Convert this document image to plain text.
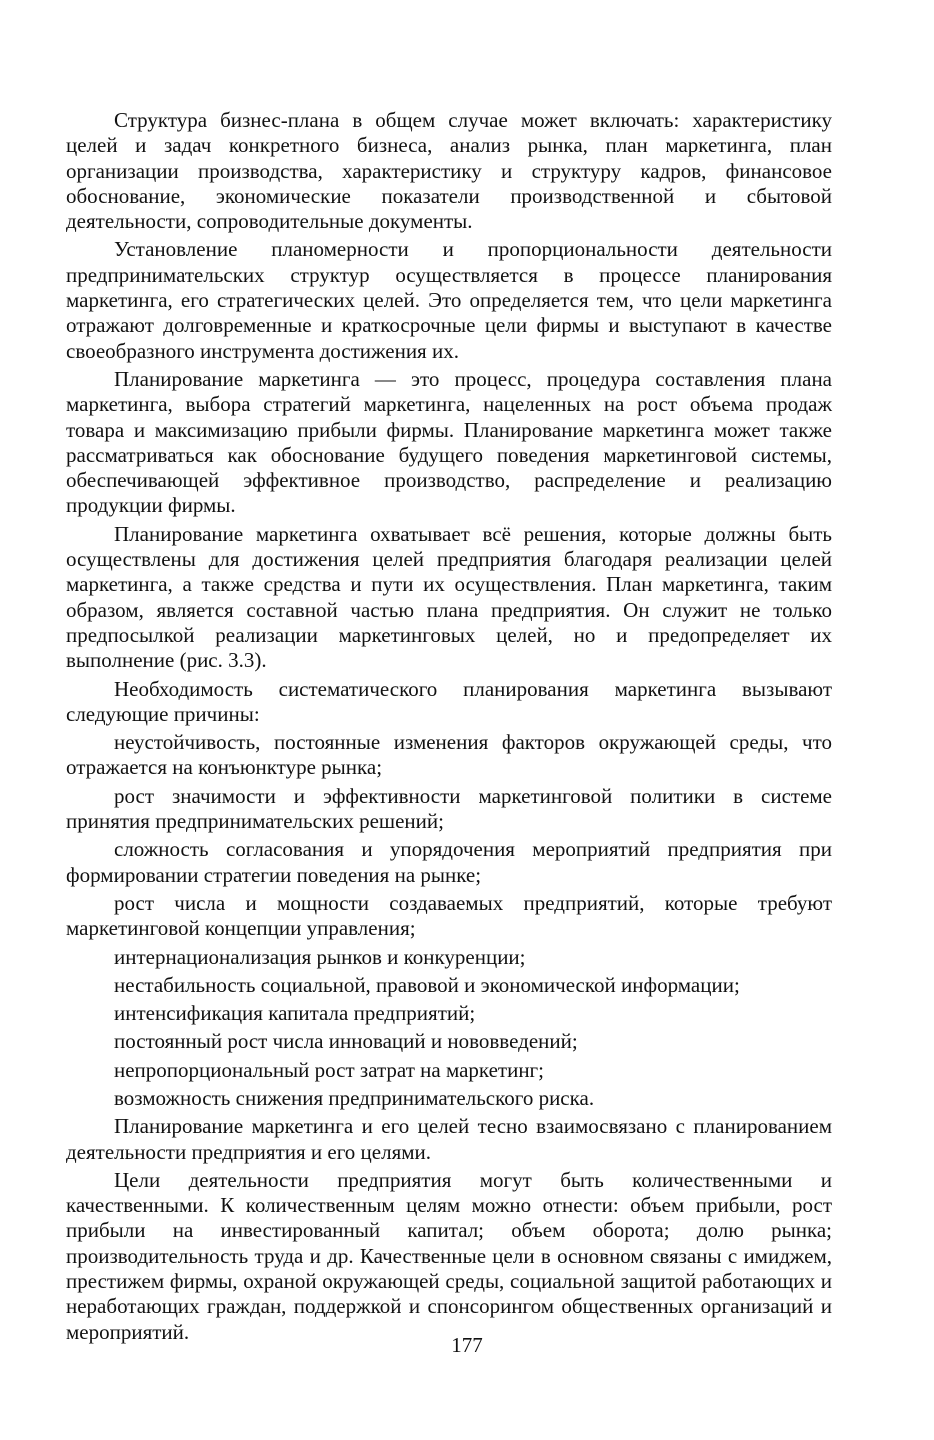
Структура бизнес-плана в общем случае может включать: характеристику целей и задач конкретного бизнеса, анализ рынка, план маркетинга, план организации производства, характеристику и структуру кадров, финансовое обоснование, экономические показатели производственной и сбытовой деятельности, сопроводительные документы.

Установление планомерности и пропорциональности деятельности предпринимательских структур осуществляется в процессе планирования маркетинга, его стратегических целей. Это определяется тем, что цели маркетинга отражают долговременные и краткосрочные цели фирмы и выступают в качестве своеобразного инструмента достижения их.

Планирование маркетинга — это процесс, процедура составления плана маркетинга, выбора стратегий маркетинга, нацеленных на рост объема продаж товара и максимизацию прибыли фирмы. Планирование маркетинга может также рассматриваться как обоснование будущего поведения маркетинговой системы, обеспечивающей эффективное производство, распределение и реализацию продукции фирмы.

Планирование маркетинга охватывает всё решения, которые должны быть осуществлены для достижения целей предприятия благодаря реализации целей маркетинга, а также средства и пути их осуществления. План маркетинга, таким образом, является составной частью плана предприятия. Он служит не только предпосылкой реализации маркетинговых целей, но и предопределяет их выполнение (рис. 3.3).

Необходимость систематического планирования маркетинга вызывают следующие причины:

неустойчивость, постоянные изменения факторов окружающей среды, что отражается на конъюнктуре рынка;

рост значимости и эффективности маркетинговой политики в системе принятия предпринимательских решений;

сложность согласования и упорядочения мероприятий предприятия при формировании стратегии поведения на рынке;

рост числа и мощности создаваемых предприятий, которые требуют маркетинговой концепции управления;

интернационализация рынков и конкуренции;

нестабильность социальной, правовой и экономической информации;

интенсификация капитала предприятий;

постоянный рост числа инноваций и нововведений;

непропорциональный рост затрат на маркетинг;

возможность снижения предпринимательского риска.

Планирование маркетинга и его целей тесно взаимосвязано с планированием деятельности предприятия и его целями.

Цели деятельности предприятия могут быть количественными и качественными. К количественным целям можно отнести: объем прибыли, рост прибыли на инвестированный капитал; объем оборота; долю рынка; производительность труда и др. Качественные цели в основном связаны с имиджем, престижем фирмы, охраной окружающей среды, социальной защитой работающих и неработающих граждан, поддержкой и спонсорингом общественных организаций и мероприятий.

177
